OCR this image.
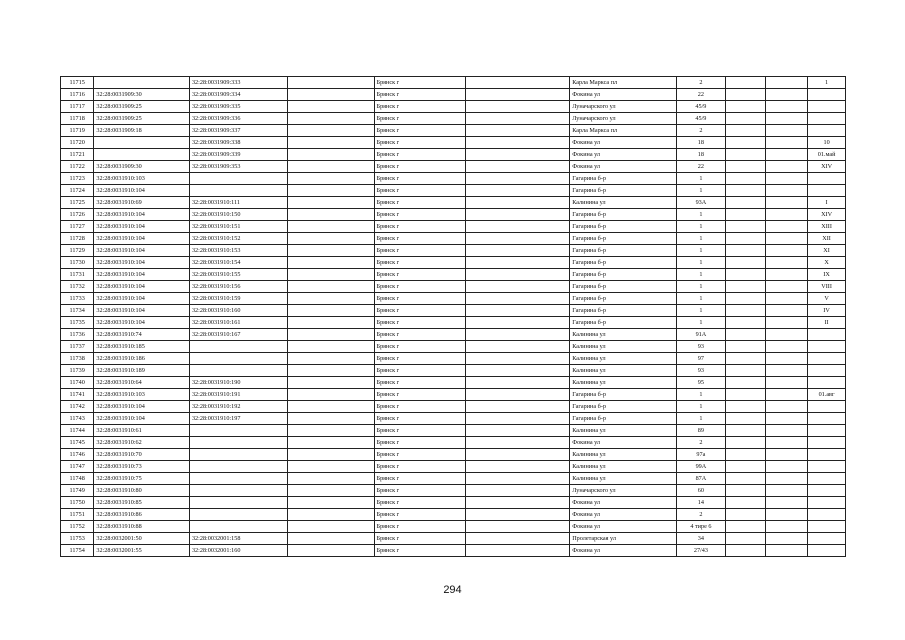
11715		32:28:0031909:333		Брянск г		Карла Маркса пл	2			1
11716	32:28:0031909:30	32:28:0031909:334		Брянск г		Фокина ул	22			
11717	32:28:0031909:25	32:28:0031909:335		Брянск г		Луначарского ул	45/9			
11718	32:28:0031909:25	32:28:0031909:336		Брянск г		Луначарского ул	45/9			
11719	32:28:0031909:18	32:28:0031909:337		Брянск г		Карла Маркса пл	2			
11720		32:28:0031909:338		Брянск г		Фокина ул	18			10
11721		32:28:0031909:339		Брянск г		Фокина ул	18			01.май
11722	32:28:0031909:30	32:28:0031909:353		Брянск г		Фокина ул	22			XIV
11723	32:28:0031910:103			Брянск г		Гагарина б-р	1			
11724	32:28:0031910:104			Брянск г		Гагарина б-р	1			
11725	32:28:0031910:69	32:28:0031910:111		Брянск г		Калинина ул	93А			I
11726	32:28:0031910:104	32:28:0031910:150		Брянск г		Гагарина б-р	1			XIV
11727	32:28:0031910:104	32:28:0031910:151		Брянск г		Гагарина б-р	1			XIII
11728	32:28:0031910:104	32:28:0031910:152		Брянск г		Гагарина б-р	1			XII
11729	32:28:0031910:104	32:28:0031910:153		Брянск г		Гагарина б-р	1			XI
11730	32:28:0031910:104	32:28:0031910:154		Брянск г		Гагарина б-р	1			X
11731	32:28:0031910:104	32:28:0031910:155		Брянск г		Гагарина б-р	1			IX
11732	32:28:0031910:104	32:28:0031910:156		Брянск г		Гагарина б-р	1			VIII
11733	32:28:0031910:104	32:28:0031910:159		Брянск г		Гагарина б-р	1			V
11734	32:28:0031910:104	32:28:0031910:160		Брянск г		Гагарина б-р	1			IV
11735	32:28:0031910:104	32:28:0031910:161		Брянск г		Гагарина б-р	1			II
11736	32:28:0031910:74	32:28:0031910:167		Брянск г		Калинина ул	91А			
11737	32:28:0031910:185			Брянск г		Калинина ул	93			
11738	32:28:0031910:186			Брянск г		Калинина ул	97			
11739	32:28:0031910:189			Брянск г		Калинина ул	93			
11740	32:28:0031910:64	32:28:0031910:190		Брянск г		Калинина ул	95			
11741	32:28:0031910:103	32:28:0031910:191		Брянск г		Гагарина б-р	1			01.авг
11742	32:28:0031910:104	32:28:0031910:192		Брянск г		Гагарина б-р	1			
11743	32:28:0031910:104	32:28:0031910:197		Брянск г		Гагарина б-р	1			
11744	32:28:0031910:61			Брянск г		Калинина ул	89			
11745	32:28:0031910:62			Брянск г		Фокина ул	2			
11746	32:28:0031910:70			Брянск г		Калинина ул	97а			
11747	32:28:0031910:73			Брянск г		Калинина ул	99А			
11748	32:28:0031910:75			Брянск г		Калинина ул	87А			
11749	32:28:0031910:80			Брянск г		Луначарского ул	60			
11750	32:28:0031910:85			Брянск г		Фокина ул	14			
11751	32:28:0031910:86			Брянск г		Фокина ул	2			
11752	32:28:0031910:88			Брянск г		Фокина ул	4 тире 6			
11753	32:28:0032001:50	32:28:0032001:158		Брянск г		Пролетарская ул	34			
11754	32:28:0032001:55	32:28:0032001:160		Брянск г		Фокина ул	27/43			
294
